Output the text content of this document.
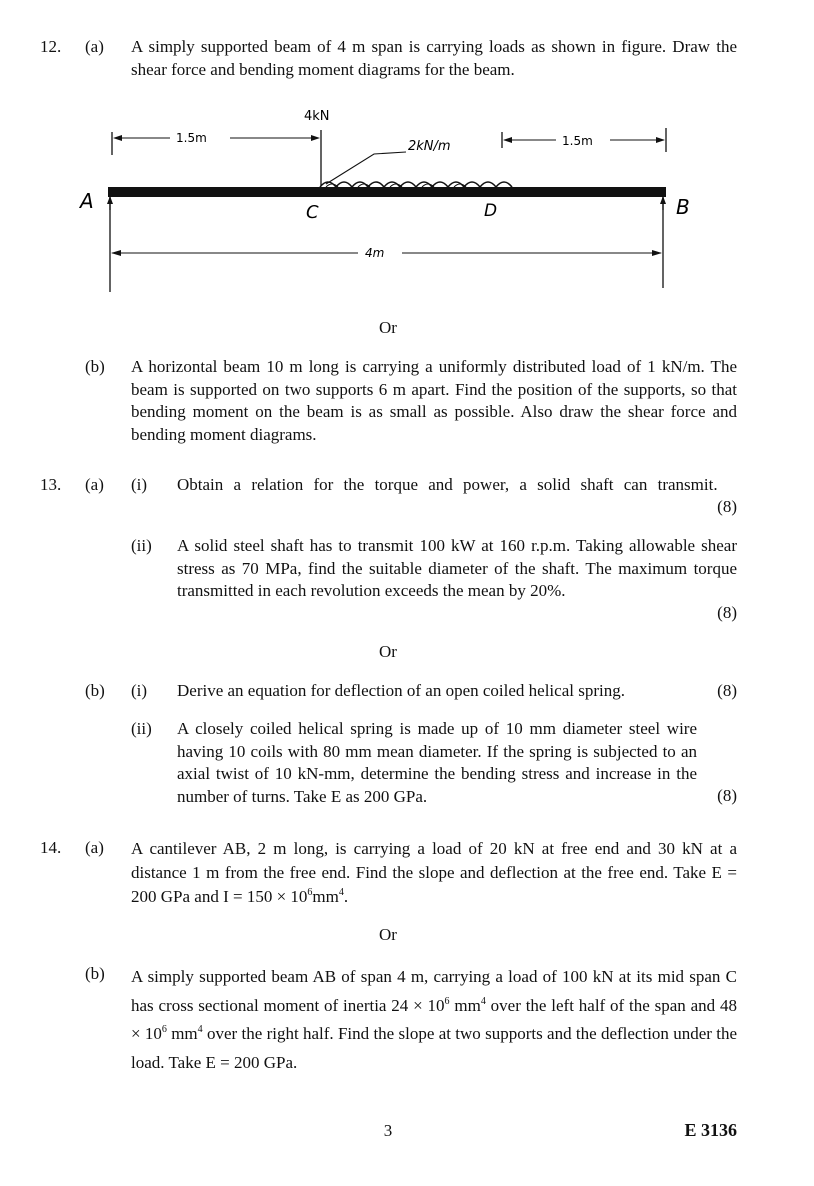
12. (a) A simply supported beam of 4 m span is carrying loads as shown in figure. Draw the shear force and bending moment diagrams for the beam.
4kN
1.5m
2kN/m	1.5m
A	B
C	D
4m
Or
(b) A horizontal beam 10 m long is carrying a uniformly distributed load of 1 kN/m. The beam is supported on two supports 6 m apart. Find the position of the supports, so that bending moment on the beam is as small as possible. Also draw the shear force and bending moment diagrams.
13. (a) (i) Obtain a relation for the torque and power, a solid shaft can transmit.
(8)
(ii) A solid steel shaft has to transmit 100 kW at 160 r.p.m. Taking allowable shear stress as 70 MPa, find the suitable diameter of the shaft. The maximum torque transmitted in each revolution exceeds the mean by 20%.
(8)
Or
(b) (i) Derive an equation for deflection of an open coiled helical spring.	(8)
(ii) A closely coiled helical spring is made up of 10 mm diameter steel wire having 10 coils with 80 mm mean diameter. If the spring is subjected to an axial twist of 10 kN-mm, determine the bending stress and increase in the number of turns. Take E as 200 GPa.	(8)
14. (a) A cantilever AB, 2 m long, is carrying a load of 20 kN at free end and 30 kN at a distance 1 m from the free end. Find the slope and deflection at the free end. Take E = 200 GPa and $I = 150 \times 10^6mm^4$.
Or
(b) A simply supported beam AB of span 4 m, carrying a load of 100 kN at its mid span C has cross sectional moment of inertia $24 \times 10^6$ $mm^4$ over the left half of the span and $48 \times 10^6$ $mm^4$ over the right half. Find the slope at two supports and the deflection under the load. Take E = 200 GPa.
3	E 3136
